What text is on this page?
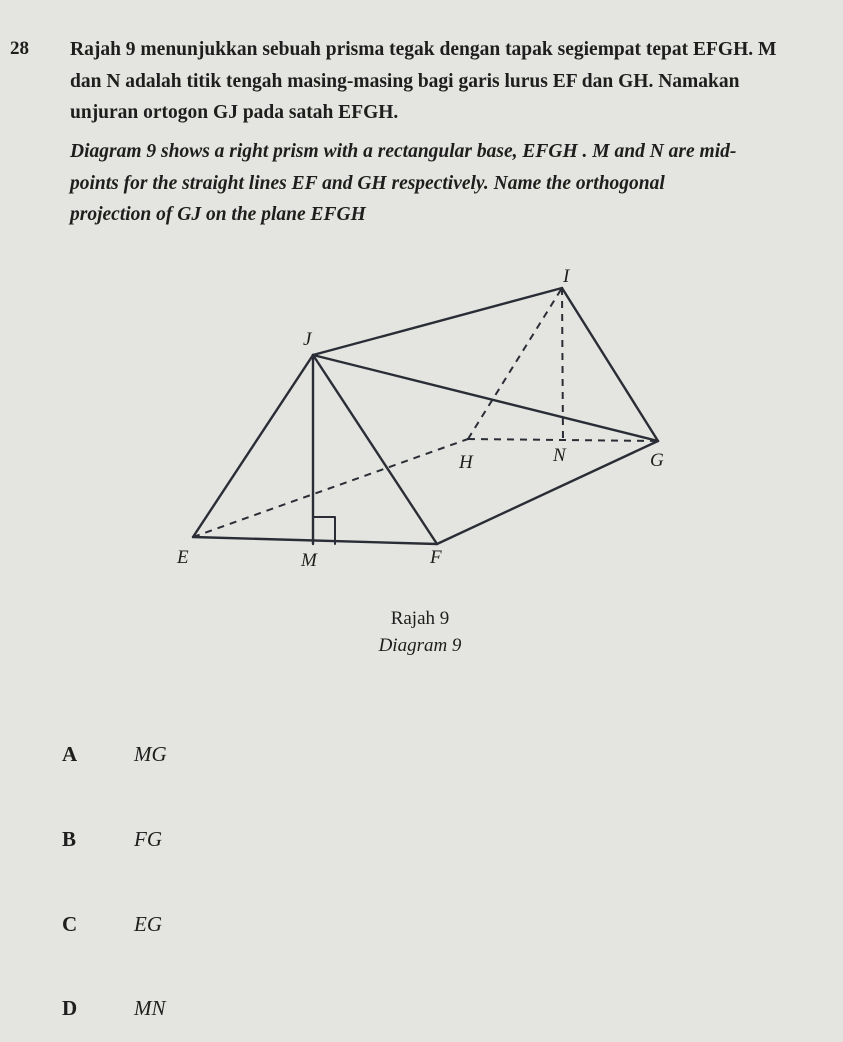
28 Rajah 9 menunjukkan sebuah prisma tegak dengan tapak segiempat tepat EFGH. M
dan N adalah titik tengah masing-masing bagi garis lurus EF dan GH. Namakan
unjuran ortogon GJ pada satah EFGH.
Diagram 9 shows a right prism with a rectangular base, EFGH . M and N are mid-
points for the straight lines EF and GH respectively. Name the orthogonal
projection of GJ on the plane EFGH
I
J
H	N	G
E	M	F
Rajah 9
Diagram 9
A	MG
B	FG
C	EG
D	MN
